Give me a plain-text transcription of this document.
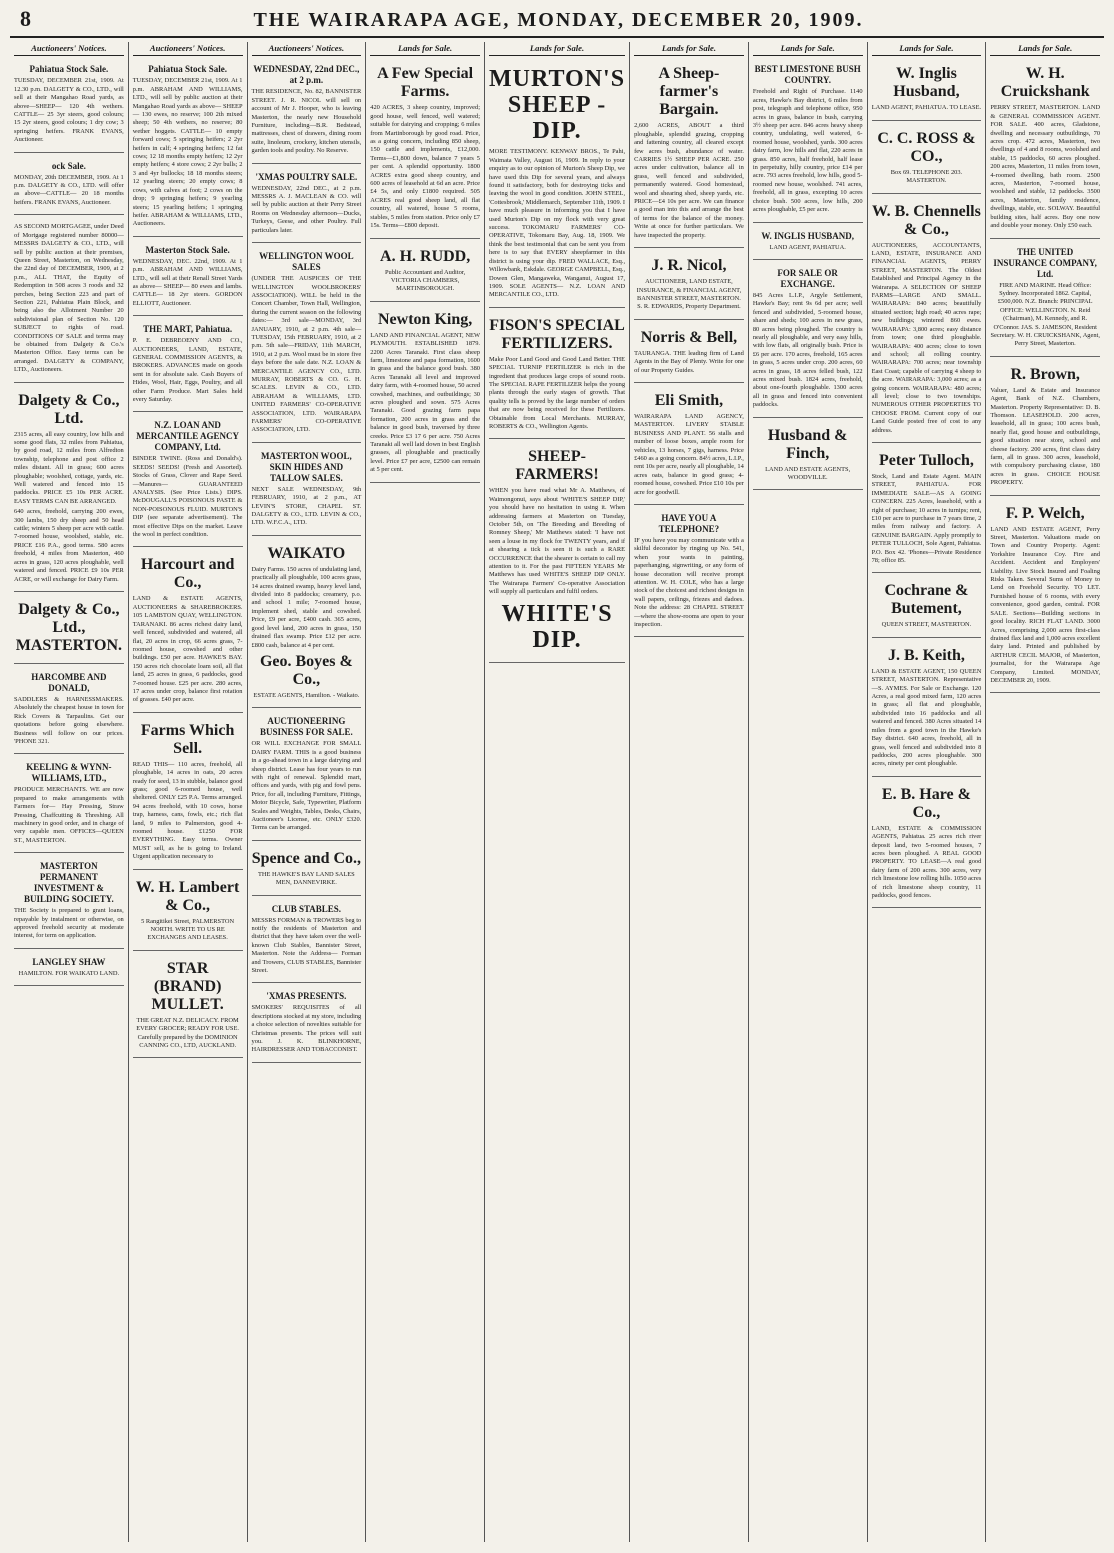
8	THE WAIRARAPA AGE, MONDAY, DECEMBER 20, 1909.
Auctioneers' Notices.
Pahiatua Stock Sale.

TUESDAY, DECEMBER 21st, 1909. At 12.30 p.m. DALGETY & CO., LTD., will sell at their Mangahao Road yards, as above—SHEEP— 120 4th wethers. CATTLE— 25 3yr steers, good colours; 15 2yr steers, good colours; 1 dry cow; 3 springing heifers. FRANK EVANS, Auctioneer.

ock Sale.

MONDAY, 20th DECEMBER, 1909. At 1 p.m. DALGETY & CO., LTD. will offer as above—CATTLE— 20 18 months heifers. FRANK EVANS, Auctioneer.

AS SECOND MORTGAGEE, under Deed of Mortgage registered number 80000— MESSRS DALGETY & CO., LTD., will sell by public auction at their premises, Queen Street, Masterton, on Wednesday, the 22nd day of DECEMBER, 1909, at 2 p.m., ALL THAT, the Equity of Redemption in 508 acres 3 roods and 32 perches, being Section 223 and part of Section 221, Pahiatua Plain Block, and being also the Allotment Number 20 subdivisional plan of Section No. 120 SUBJECT to rights of road. CONDITIONS OF SALE and terms may be obtained from Dalgety & Co.'s Masterton Office. Easy terms can be arranged. DALGETY & COMPANY, LTD., Auctioneers.

Dalgety & Co., Ltd.

2315 acres, all easy country, low hills and some good flats, 32 miles from Pahiatua, by good road, 12 miles from Alfredton township, telephone and post office 2 miles distant. All in grass; 600 acres ploughable; woolshed, cottage, yards, etc. Well watered and fenced into 15 paddocks. PRICE £5 10s PER ACRE. EASY TERMS CAN BE ARRANGED.

640 acres, freehold, carrying 200 ewes, 300 lambs, 150 dry sheep and 50 head cattle; winters 5 sheep per acre with cattle. 7-roomed house, woolshed, stable, etc. PRICE £16 P.A., good terms. 580 acres freehold, 4 miles from Masterton, 460 acres in grass, 120 acres ploughable, well watered and fenced. PRICE £9 10s PER ACRE, or will exchange for Dairy Farm.

Dalgety & Co., Ltd., MASTERTON.
HARCOMBE AND DONALD,

SADDLERS & HARNESSMAKERS. Absolutely the cheapest house in town for Rick Covers & Tarpaulins. Get our quotations before going elsewhere. Business will follow on our prices. 'PHONE 321.

KEELING & WYNN-WILLIAMS, LTD.,

PRODUCE MERCHANTS. WE are now prepared to make arrangements with Farmers for— Hay Pressing, Straw Pressing, Chaffcutting & Threshing. All machinery in good order, and in charge of very capable men. OFFICES—QUEEN ST., MASTERTON.

MASTERTON PERMANENT INVESTMENT & BUILDING SOCIETY.

THE Society is prepared to grant loans, repayable by instalment or otherwise, on approved freehold security at moderate interest, for term on application.

LANGLEY SHAW

HAMILTON. FOR WAIKATO LAND.

Auctioneers' Notices.
Pahiatua Stock Sale.

TUESDAY, DECEMBER 21st, 1909. At 1 p.m. ABRAHAM AND WILLIAMS, LTD., will sell by public auction at their Mangahao Road yards as above— SHEEP— 130 ewes, no reserve; 100 2th mixed sheep; 50 4th wethers, no reserve; 80 wether hoggets. CATTLE— 10 empty forward cows; 5 springing heifers; 2 2yr heifers in calf; 4 springing heifers; 12 fat cows; 12 18 months empty heifers; 12 2yr empty heifers; 4 store cows; 2 2yr bulls; 2 3 and 4yr bullocks; 18 18 months steers; 12 yearling steers; 20 empty cows; 8 cows, with calves at foot; 2 cows on the drop; 9 springing heifers; 9 yearling steers; 15 yearling heifers; 1 springing heifer. ABRAHAM & WILLIAMS, LTD., Auctioneers.

Masterton Stock Sale.

WEDNESDAY, DEC. 22nd, 1909. At 1 p.m. ABRAHAM AND WILLIAMS, LTD., will sell at their Renall Street Yards as above— SHEEP— 80 ewes and lambs. CATTLE— 18 2yr steers. GORDON ELLIOTT, Auctioneer.

THE MART, Pahiatua.

P. E. DEBREOENY AND CO., AUCTIONEERS, LAND, ESTATE, GENERAL COMMISSION AGENTS, & BROKERS. ADVANCES made on goods sent in for absolute sale. Cash Buyers of Hides, Wool, Hair, Eggs, Poultry, and all other Farm Produce. Mart Sales held every Saturday.

N.Z. LOAN AND MERCANTILE AGENCY COMPANY, Ltd.

BINDER TWINE. (Ross and Donald's). SEEDS! SEEDS! (Fresh and Assorted). Stocks of Grass, Clover and Rape Seed. —Manures— GUARANTEED ANALYSIS. (See Price Lists.) DIPS. McDOUGALL'S POISONOUS PASTE & NON-POISONOUS FLUID. MURTON'S DIP (see separate advertisement). The most effective Dips on the market. Leave the wool in perfect condition.

Harcourt and Co.,

LAND & ESTATE AGENTS, AUCTIONEERS & SHAREBROKERS. 105 LAMBTON QUAY, WELLINGTON. TARANAKI. 86 acres richest dairy land, well fenced, subdivided and watered, all flat, 20 acres in crop, 66 acres grass, 7-roomed house, cowshed and other buildings. £50 per acre. HAWKE'S BAY. 150 acres rich chocolate loam soil, all flat land, 25 acres in grass, 6 paddocks, good 7-roomed house. £25 per acre. 280 acres, 17 acres under crop, balance first rotation of grasses. £40 per acre.

Farms Which Sell.

READ THIS— 110 acres, freehold, all ploughable, 14 acres in oats, 20 acres ready for seed, 13 in stubble, balance good grass; good 6-roomed house, well sheltered. ONLY £25 P.A. Terms arranged. 94 acres freehold, with 10 cows, horse trap, harness, cans, fowls, etc.; rich flat land, 9 miles to Palmerston, good 4-roomed house. £1250 FOR EVERYTHING. Easy terms. Owner MUST sell, as he is going to Ireland. Urgent application necessary to

W. H. Lambert & Co.,

5 Rangitikei Street, PALMERSTON NORTH. WRITE TO US RE EXCHANGES AND LEASES.

STAR (BRAND) MULLET.

THE GREAT N.Z. DELICACY. FROM EVERY GROCER; READY FOR USE. Carefully prepared by the DOMINION CANNING CO., LTD, AUCKLAND.

Auctioneers' Notices.
WEDNESDAY, 22nd DEC., at 2 p.m.

THE RESIDENCE, No. 82, BANNISTER STREET. J. R. NICOL will sell on account of Mr J. Hooper, who is leaving Masterton, the nearly new Household Furniture, including—B.R. Bedstead, mattresses, chest of drawers, dining room suite, linoleum, crockery, kitchen utensils, garden tools and poultry. No Reserve.

'XMAS POULTRY SALE.

WEDNESDAY, 22nd DEC., at 2 p.m. MESSRS A. J. MACLEAN & CO. will sell by public auction at their Perry Street Rooms on Wednesday afternoon—Ducks, Turkeys, Geese, and other Poultry. Full particulars later.

WELLINGTON WOOL SALES

(UNDER THE AUSPICES OF THE WELLINGTON WOOLBROKERS' ASSOCIATION). WILL be held in the Concert Chamber, Town Hall, Wellington, during the current season on the following dates:— 3rd sale—MONDAY, 3rd JANUARY, 1910, at 2 p.m. 4th sale—TUESDAY, 15th FEBRUARY, 1910, at 2 p.m. 5th sale—FRIDAY, 11th MARCH, 1910, at 2 p.m. Wool must be in store five days before the sale date. N.Z. LOAN & MERCANTILE AGENCY CO., LTD. MURRAY, ROBERTS & CO. G. H. SCALES. LEVIN & CO., LTD. ABRAHAM & WILLIAMS, LTD. UNITED FARMERS' CO-OPERATIVE ASSOCIATION, LTD. WAIRARAPA FARMERS' CO-OPERATIVE ASSOCIATION, LTD.

MASTERTON WOOL, SKIN HIDES AND TALLOW SALES.

NEXT SALE WEDNESDAY, 9th FEBRUARY, 1910, at 2 p.m., AT LEVIN'S STORE, CHAPEL ST. DALGETY & CO., LTD. LEVIN & CO., LTD. W.F.C.A., LTD.

WAIKATO

Dairy Farms. 150 acres of undulating land, practically all ploughable, 100 acres grass, 14 acres drained swamp, heavy level land, divided into 8 paddocks; creamery, p.o. and school 1 mile; 7-roomed house, implement shed, stable and cowshed. Price, £9 per acre, £400 cash. 365 acres, good level land, 200 acres in grass, 150 drained flax swamp. Price £12 per acre. £800 cash, balance at 4 per cent.

Geo. Boyes & Co.,

ESTATE AGENTS, Hamilton. - Waikato.

AUCTIONEERING BUSINESS FOR SALE.

OR WILL EXCHANGE FOR SMALL DAIRY FARM. THIS is a good business in a go-ahead town in a large dairying and sheep district. Lease has four years to run with right of renewal. Splendid mart, offices and yards, with pig and fowl pens. Price, for all, including Furniture, Fittings, Motor Bicycle, Safe, Typewriter, Platform Scales and Weights, Tables, Desks, Chairs, Auctioneer's License, etc. ONLY £320. Terms can be arranged.

Spence and Co.,

THE HAWKE'S BAY LAND SALES MEN, DANNEVIRKE.

CLUB STABLES.

MESSRS FORMAN & TROWERS beg to notify the residents of Masterton and district that they have taken over the well-known Club Stables, Bannister Street, Masterton. Note the Address— Forman and Trowers, CLUB STABLES, Bannister Street.

'XMAS PRESENTS.

SMOKERS' REQUISITES of all descriptions stocked at my store, including a choice selection of novelties suitable for Christmas presents. The prices will suit you. J. K. BLINKHORNE, HAIRDRESSER AND TOBACCONIST.

Lands for Sale.
A Few Special Farms.

420 ACRES, 3 sheep country, improved; good house, well fenced, well watered; suitable for dairying and cropping; 6 miles from Martinborough by good road. Price, as a going concern, including 850 sheep, 150 cattle and implements, £12,000. Terms—£1,800 down, balance 7 years 5 per cent. A splendid opportunity. 1800 ACRES extra good sheep country, and 600 acres of leasehold at 6d an acre. Price £4 5s, and only £1800 required. 505 ACRES real good sheep land, all flat country, all watered, house 5 rooms, stables, 5 miles from station. Price only £7 15s. Terms—£800 deposit.

A. H. RUDD,

Public Accountant and Auditor, VICTORIA CHAMBERS, MARTINBOROUGH.

Newton King,

LAND AND FINANCIAL AGENT, NEW PLYMOUTH. ESTABLISHED 1879. 2200 Acres Taranaki. First class sheep farm, limestone and papa formation, 1600 in grass and the balance good bush. 380 Acres Taranaki all level and improved dairy farm, with 4-roomed house, 50 acred cowshed, machines, and outbuildings; 30 acres ploughed and sown. 575 Acres Taranaki. Good grazing farm papa formation, 200 acres in grass and the balance in good bush, traversed by three creeks. Price £3 17 6 per acre. 750 Acres Taranaki all well laid down in best English grasses, all ploughable and practically level. Price £7 per acre, £2500 can remain at 5 per cent.

Lands for Sale.
MURTON'S SHEEP - DIP.

MORE TESTIMONY. KENWAY BROS., Te Pahi, Waimata Valley, August 16, 1909. In reply to your enquiry as to our opinion of Murton's Sheep Dip, we have used this Dip for several years, and always found it satisfactory, both for destroying ticks and leaving the wool in good condition. JOHN STEEL, 'Cottesbrook,' Middlemarch, September 11th, 1909. I have much pleasure in informing you that I have used Murton's Dip on my flock with very great success. TOKOMARU FARMERS' CO-OPERATIVE, Tokomaru Bay, Aug. 18, 1909. We think the best testimonial that can be sent you from here is to say that EVERY sheepfarmer in this district is using your dip. FRED WALLACE, Esq., Willowbank, Eskdale. GEORGE CAMPBELL, Esq., Dowen Glen, Mangaweka, Wanganui, August 17, 1909. SOLE AGENTS— N.Z. LOAN AND MERCANTILE CO., LTD.

FISON'S SPECIAL FERTILIZERS.

Make Poor Land Good and Good Land Better. THE SPECIAL TURNIP FERTILIZER is rich in the ingredient that produces large crops of sound roots. The SPECIAL RAPE FERTILIZER helps the young plants through the early stages of growth. That quality tells is proved by the large number of orders that are now being received for these Fertilizers. Obtainable from Local Merchants. MURRAY, ROBERTS & CO., Wellington Agents.

SHEEP-FARMERS!

WHEN you have read what Mr A. Matthews, of Waimongonui, says about 'WHITE'S SHEEP DIP,' you should have no hesitation in using it. When addressing farmers at Masterton on Tuesday, October 5th, on 'The Breeding and Breeding of Romney Sheep,' Mr Matthews stated: 'I have not seen a louse in my flock for TWENTY years, and if at shearing a tick is seen it is such a RARE OCCURRENCE that the shearer is certain to call my attention to it. For the past FIFTEEN YEARS Mr Matthews has used WHITE'S SHEEP DIP ONLY. The Wairarapa Farmers' Co-operative Association will supply all particulars and fulfil orders.

WHITE'S DIP.
Lands for Sale.
A Sheep-farmer's Bargain.

2,600 ACRES, ABOUT a third ploughable, splendid grazing, cropping and fattening country, all cleared except few acres bush, abundance of water. CARRIES 1½ SHEEP PER ACRE. 250 acres under cultivation, balance all in grass, well fenced and subdivided, permanently watered. Good homestead, wool and shearing shed, sheep yards, etc. PRICE—£4 10s per acre. We can finance a good man into this and arrange the best of terms for the balance of the money. Write at once for further particulars. We have inspected the property.

J. R. Nicol,

AUCTIONEER, LAND ESTATE, INSURANCE, & FINANCIAL AGENT, BANNISTER STREET, MASTERTON. S. R. EDWARDS, Property Department.

Norris & Bell,

TAURANGA. THE leading firm of Land Agents in the Bay of Plenty. Write for one of our Property Guides.

Eli Smith,

WAIRARAPA LAND AGENCY, MASTERTON. LIVERY STABLE BUSINESS AND PLANT. 56 stalls and number of loose boxes, ample room for vehicles, 13 horses, 7 gigs, harness. Price £460 as a going concern. 84½ acres, L.I.P., rent 10s per acre, nearly all ploughable, 14 acres oats, balance in good grass; 4-roomed house, cowshed. Price £10 10s per acre for goodwill.

HAVE YOU A TELEPHONE?

IF you have you may communicate with a skilful decorator by ringing up No. 541, when your wants in painting, paperhanging, signwriting, or any form of house decoration will receive prompt attention. W. H. COLE, who has a large stock of the choicest and richest designs in wall papers, ceilings, friezes and dadoes. Note the address: 28 CHAPEL STREET—where the show-rooms are open to your inspection.

Lands for Sale.
BEST LIMESTONE BUSH COUNTRY.

Freehold and Right of Purchase. 1140 acres, Hawke's Bay district, 6 miles from post, telegraph and telephone office, 950 acres in grass, balance in bush, carrying 3½ sheep per acre. 846 acres heavy sheep country, undulating, well watered, 6-roomed house, woolshed, yards. 300 acres dairy farm, low hills and flat, 220 acres in grass. 850 acres, half freehold, half lease in perpetuity, hilly country, price £14 per acre. 793 acres freehold, low hills, good 5-roomed new house, woolshed. 741 acres, freehold, all in grass, excepting 10 acres choice bush. 500 acres, low hills, 200 acres ploughable, £5 per acre.

W. INGLIS HUSBAND,

LAND AGENT, PAHIATUA.

FOR SALE OR EXCHANGE.

845 Acres L.I.P., Argyle Settlement, Hawke's Bay; rent 9s 6d per acre; well fenced and subdivided, 5-roomed house, share and sheds; 100 acres in new grass, 80 acres being ploughed. The country is nearly all ploughable, and very easy hills, with low flats, all originally bush. Price is £6 per acre. 170 acres, freehold, 165 acres in grass, 5 acres under crop. 200 acres, 60 acres in grass, 18 acres felled bush, 122 acres mixed bush. 1824 acres, freehold, about one-fourth ploughable. 1300 acres all in grass and fenced into convenient paddocks.

Husband & Finch,

LAND AND ESTATE AGENTS, WOODVILLE.

Lands for Sale.
W. Inglis Husband,

LAND AGENT, PAHIATUA. TO LEASE.

C. C. ROSS & CO.,

Box 69. TELEPHONE 203. MASTERTON.

W. B. Chennells & Co.,

AUCTIONEERS, ACCOUNTANTS, LAND, ESTATE, INSURANCE AND FINANCIAL AGENTS, PERRY STREET, MASTERTON. The Oldest Established and Principal Agency in the Wairarapa. A SELECTION OF SHEEP FARMS—LARGE AND SMALL. WAIRARAPA: 840 acres; beautifully situated section; high road; 40 acres rape; new buildings; wintered 860 ewes. WAIRARAPA: 3,800 acres; easy distance from town; one third ploughable. WAIRARAPA: 400 acres; close to town and school; all rolling country. WAIRARAPA: 700 acres; near township East Coast; capable of carrying 4 sheep to the acre. WAIRARAPA: 3,000 acres; as a going concern. WAIRARAPA: 480 acres; all level; close to two townships. NUMEROUS OTHER PROPERTIES TO CHOOSE FROM. Current copy of our Land Guide posted free of cost to any address.

Peter Tulloch,

Stock, Land and Estate Agent. MAIN STREET, PAHIATUA. FOR IMMEDIATE SALE—AS A GOING CONCERN. 225 Acres, leasehold, with a right of purchase; 10 acres in turnips; rent, £10 per acre to purchase in 7 years time, 2 miles from railway and factory. A GENUINE BARGAIN. Apply promptly to PETER TULLOCH, Sole Agent, Pahiatua. P.O. Box 42. 'Phones—Private Residence 78; office 85.

Cochrane & Butement,

QUEEN STREET, MASTERTON.

J. B. Keith,

LAND & ESTATE AGENT, 150 QUEEN STREET, MASTERTON. Representative—S. AYMES. For Sale or Exchange. 120 Acres, a real good mixed farm, 120 acres in grass; all flat and ploughable, subdivided into 16 paddocks and all watered and fenced. 380 Acres situated 14 miles from a good town in the Hawke's Bay district. 640 acres, freehold, all in grass, well fenced and subdivided into 8 paddocks, 200 acres ploughable. 300 acres, ninety per cent ploughable.

E. B. Hare & Co.,

LAND, ESTATE & COMMISSION AGENTS, Pahiatua. 25 acres rich river deposit land, two 5-roomed houses, 7 acres been ploughed. A REAL GOOD PROPERTY. TO LEASE—A real good dairy farm of 200 acres. 300 acres, very rich limestone low rolling hills. 1050 acres of rich limestone sheep country, 11 paddocks, good fences.

Lands for Sale.
W. H. Cruickshank

PERRY STREET, MASTERTON. LAND & GENERAL COMMISSION AGENT. FOR SALE. 400 acres, Gladstone, dwelling and necessary outbuildings, 70 acres crop. 472 acres, Masterton, two dwellings of 4 and 8 rooms, woolshed and stable, 15 paddocks, 60 acres ploughed. 200 acres, Masterton, 11 miles from town, 4-roomed dwelling, bath room. 2500 acres, Masterton, 7-roomed house, woolshed and stable, 12 paddocks. 3500 acres, Masterton, family residence, dwellings, stable, etc. SOLWAY. Beautiful building sites, half acres. Buy one now and double your money. Only £50 each.

THE UNITED INSURANCE COMPANY, Ltd.

FIRE AND MARINE. Head Office: Sydney. Incorporated 1862. Capital, £500,000. N.Z. Branch: PRINCIPAL OFFICE: WELLINGTON. N. Reid (Chairman), M. Kennedy, and R. O'Connor. JAS. S. JAMESON, Resident Secretary. W. H. CRUICKSHANK, Agent, Perry Street, Masterton.

R. Brown,

Valuer, Land & Estate and Insurance Agent, Bank of N.Z. Chambers, Masterton. Property Representative: D. B. Thomson. LEASEHOLD. 200 acres, leasehold, all in grass; 100 acres bush, nearly flat, good house and outbuildings, good situation near store, school and cheese factory. 200 acres, first class dairy farm, all in grass. 300 acres, leasehold, with compulsory purchasing clause, 180 acres in grass. CHOICE HOUSE PROPERTY.

F. P. Welch,

LAND AND ESTATE AGENT, Perry Street, Masterton. Valuations made on Town and Country Property. Agent: Yorkshire Insurance Coy. Fire and Accident. Accident and Employers' Liability. Live Stock Insured and Foaling Risks Taken. Several Sums of Money to Lend on Freehold Security. TO LET. Furnished house of 6 rooms, with every convenience, good garden, central. FOR SALE. Sections—Building sections in good locality. RICH FLAT LAND. 3000 Acres, comprising 2,000 acres first-class drained flax land and 1,000 acres excellent dairy land. Printed and published by ARTHUR CECIL MAJOR, of Masterton, journalist, for the Wairarapa Age Company, Limited. MONDAY, DECEMBER 20, 1909.
